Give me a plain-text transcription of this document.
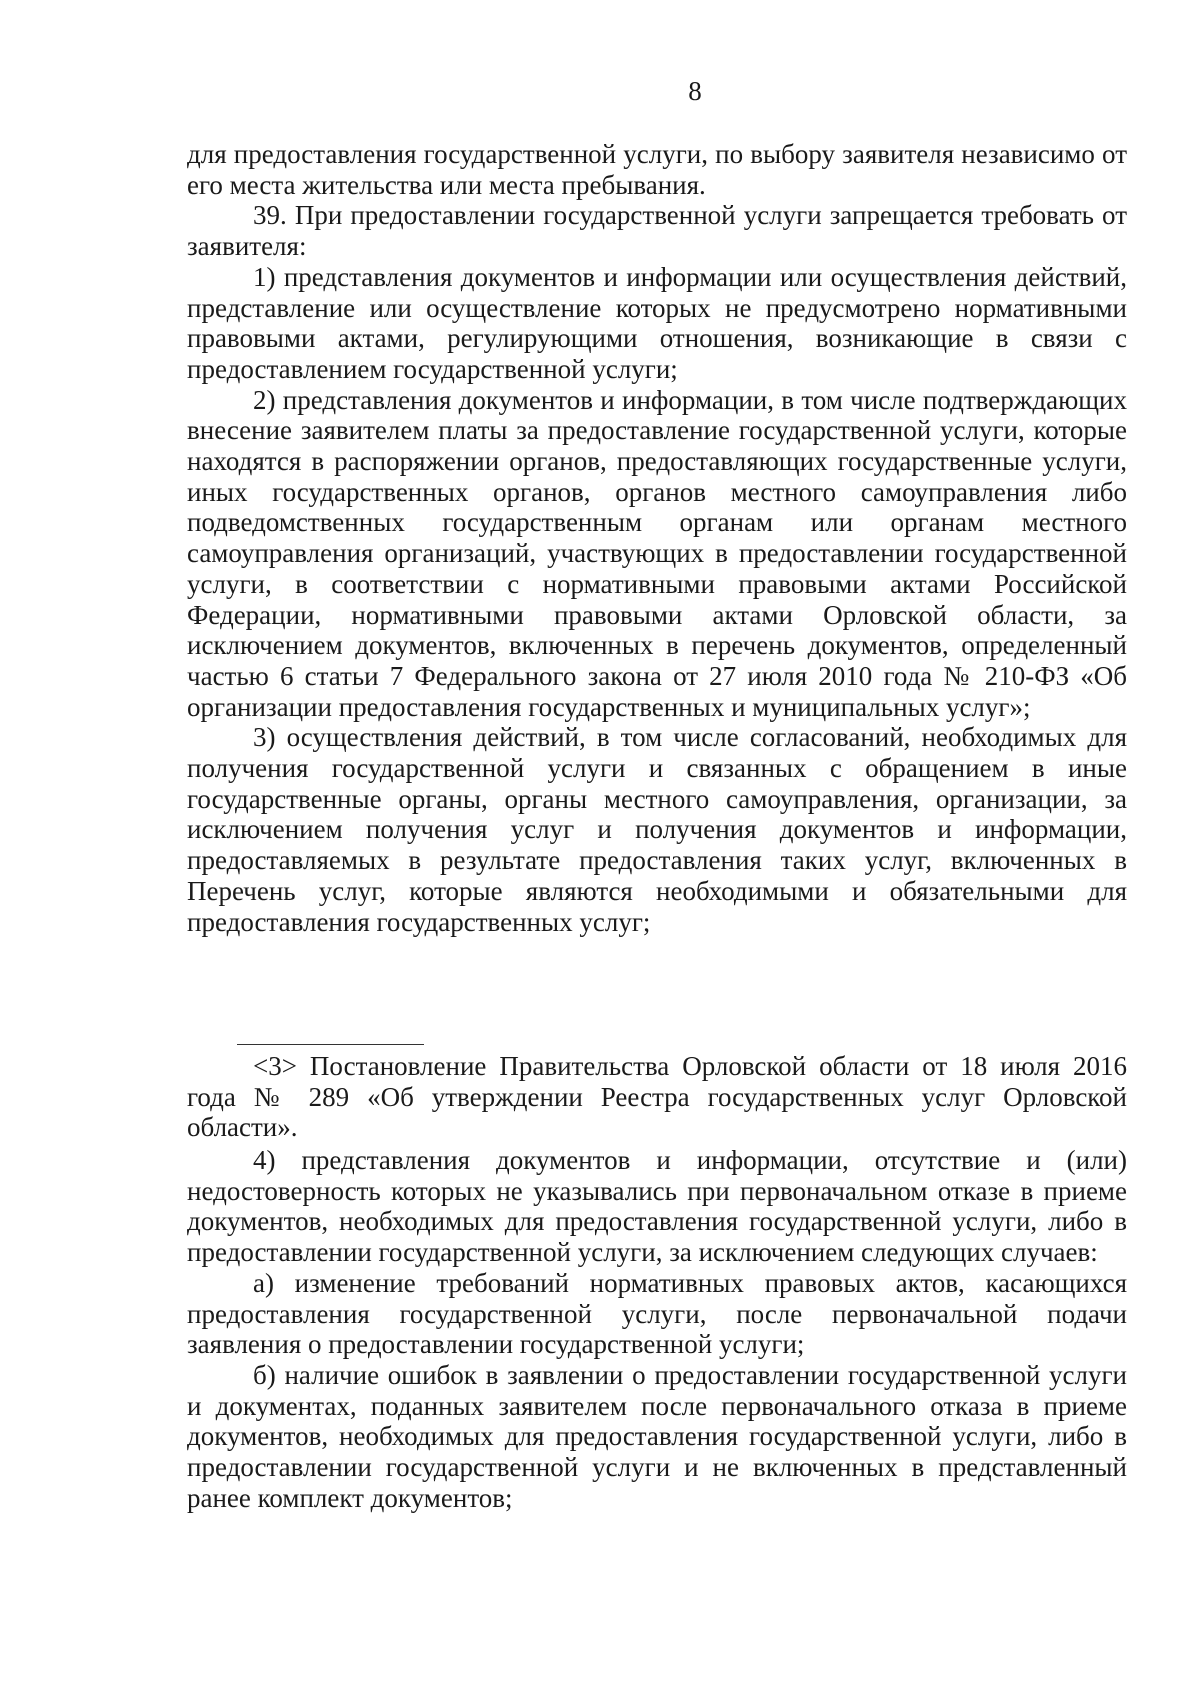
8

для предоставления государственной услуги, по выбору заявителя независимо от его места жительства или места пребывания.

39. При предоставлении государственной услуги запрещается требовать от заявителя:

1) представления документов и информации или осуществления действий, представление или осуществление которых не предусмотрено нормативными правовыми актами, регулирующими отношения, возникающие в связи с предоставлением государственной услуги;

2) представления документов и информации, в том числе подтверждающих внесение заявителем платы за предоставление государственной услуги, которые находятся в распоряжении органов, предоставляющих государственные услуги, иных государственных органов, органов местного самоуправления либо подведомственных государственным органам или органам местного самоуправления организаций, участвующих в предоставлении государственной услуги, в соответствии с нормативными правовыми актами Российской Федерации, нормативными правовыми актами Орловской области, за исключением документов, включенных в перечень документов, определенный частью 6 статьи 7 Федерального закона от 27 июля 2010 года № 210-ФЗ «Об организации предоставления государственных и муниципальных услуг»;

3) осуществления действий, в том числе согласований, необходимых для получения государственной услуги и связанных с обращением в иные государственные органы, органы местного самоуправления, организации, за исключением получения услуг и получения документов и информации, предоставляемых в результате предоставления таких услуг, включенных в Перечень услуг, которые являются необходимыми и обязательными для предоставления государственных услуг;

<3> Постановление Правительства Орловской области от 18 июля 2016 года № 289 «Об утверждении Реестра государственных услуг Орловской области».

4) представления документов и информации, отсутствие и (или) недостоверность которых не указывались при первоначальном отказе в приеме документов, необходимых для предоставления государственной услуги, либо в предоставлении государственной услуги, за исключением следующих случаев:

а) изменение требований нормативных правовых актов, касающихся предоставления государственной услуги, после первоначальной подачи заявления о предоставлении государственной услуги;

б) наличие ошибок в заявлении о предоставлении государственной услуги и документах, поданных заявителем после первоначального отказа в приеме документов, необходимых для предоставления государственной услуги, либо в предоставлении государственной услуги и не включенных в представленный ранее комплект документов;
